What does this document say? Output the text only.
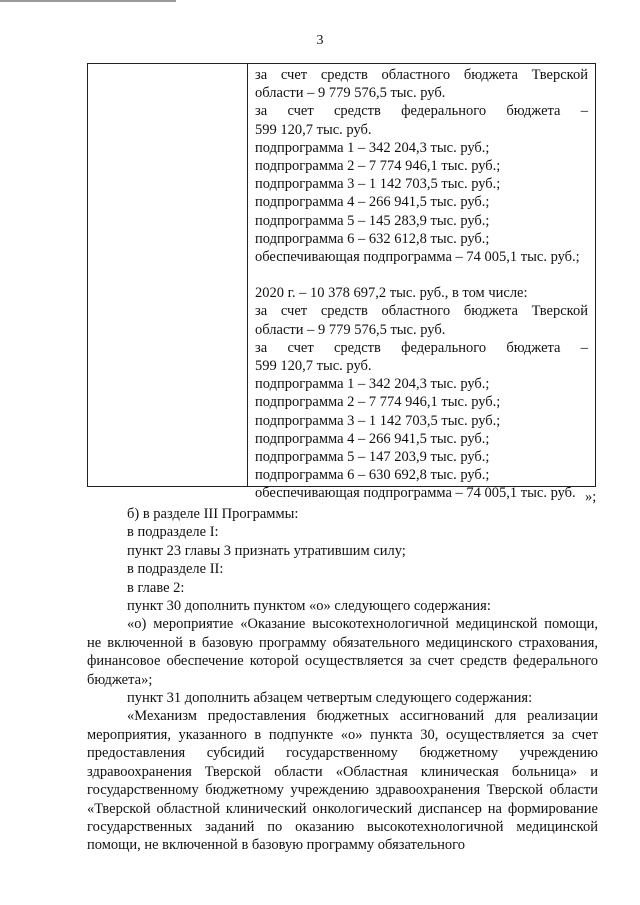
3
за счет средств областного бюджета Тверской
области – 9 779 576,5 тыс. руб.
за счет средств федерального бюджета –
599 120,7 тыс. руб.
подпрограмма 1 – 342 204,3 тыс. руб.;
подпрограмма 2 – 7 774 946,1 тыс. руб.;
подпрограмма 3 – 1 142 703,5 тыс. руб.;
подпрограмма 4 – 266 941,5 тыс. руб.;
подпрограмма 5 – 145 283,9 тыс. руб.;
подпрограмма 6 – 632 612,8 тыс. руб.;
обеспечивающая подпрограмма – 74 005,1 тыс. руб.;
2020 г. – 10 378 697,2 тыс. руб., в том числе:
за счет средств областного бюджета Тверской
области – 9 779 576,5 тыс. руб.
за счет средств федерального бюджета –
599 120,7 тыс. руб.
подпрограмма 1 – 342 204,3 тыс. руб.;
подпрограмма 2 – 7 774 946,1 тыс. руб.;
подпрограмма 3 – 1 142 703,5 тыс. руб.;
подпрограмма 4 – 266 941,5 тыс. руб.;
подпрограмма 5 – 147 203,9 тыс. руб.;
подпрограмма 6 – 630 692,8 тыс. руб.;
обеспечивающая подпрограмма – 74 005,1 тыс. руб. »;
б) в разделе III Программы:
в подразделе I:
пункт 23 главы 3 признать утратившим силу;
в подразделе II:
в главе 2:
пункт 30 дополнить пунктом «о» следующего содержания:
«о) мероприятие «Оказание высокотехнологичной медицинской помощи, не включенной в базовую программу обязательного медицинского страхования, финансовое обеспечение которой осуществляется за счет средств федерального бюджета»;
пункт 31 дополнить абзацем четвертым следующего содержания:
«Механизм предоставления бюджетных ассигнований для реализации мероприятия, указанного в подпункте «о» пункта 30, осуществляется за счет предоставления субсидий государственному бюджетному учреждению здравоохранения Тверской области «Областная клиническая больница» и государственному бюджетному учреждению здравоохранения Тверской области «Тверской областной клинический онкологический диспансер на формирование государственных заданий по оказанию высокотехнологичной медицинской помощи, не включенной в базовую программу обязательного
